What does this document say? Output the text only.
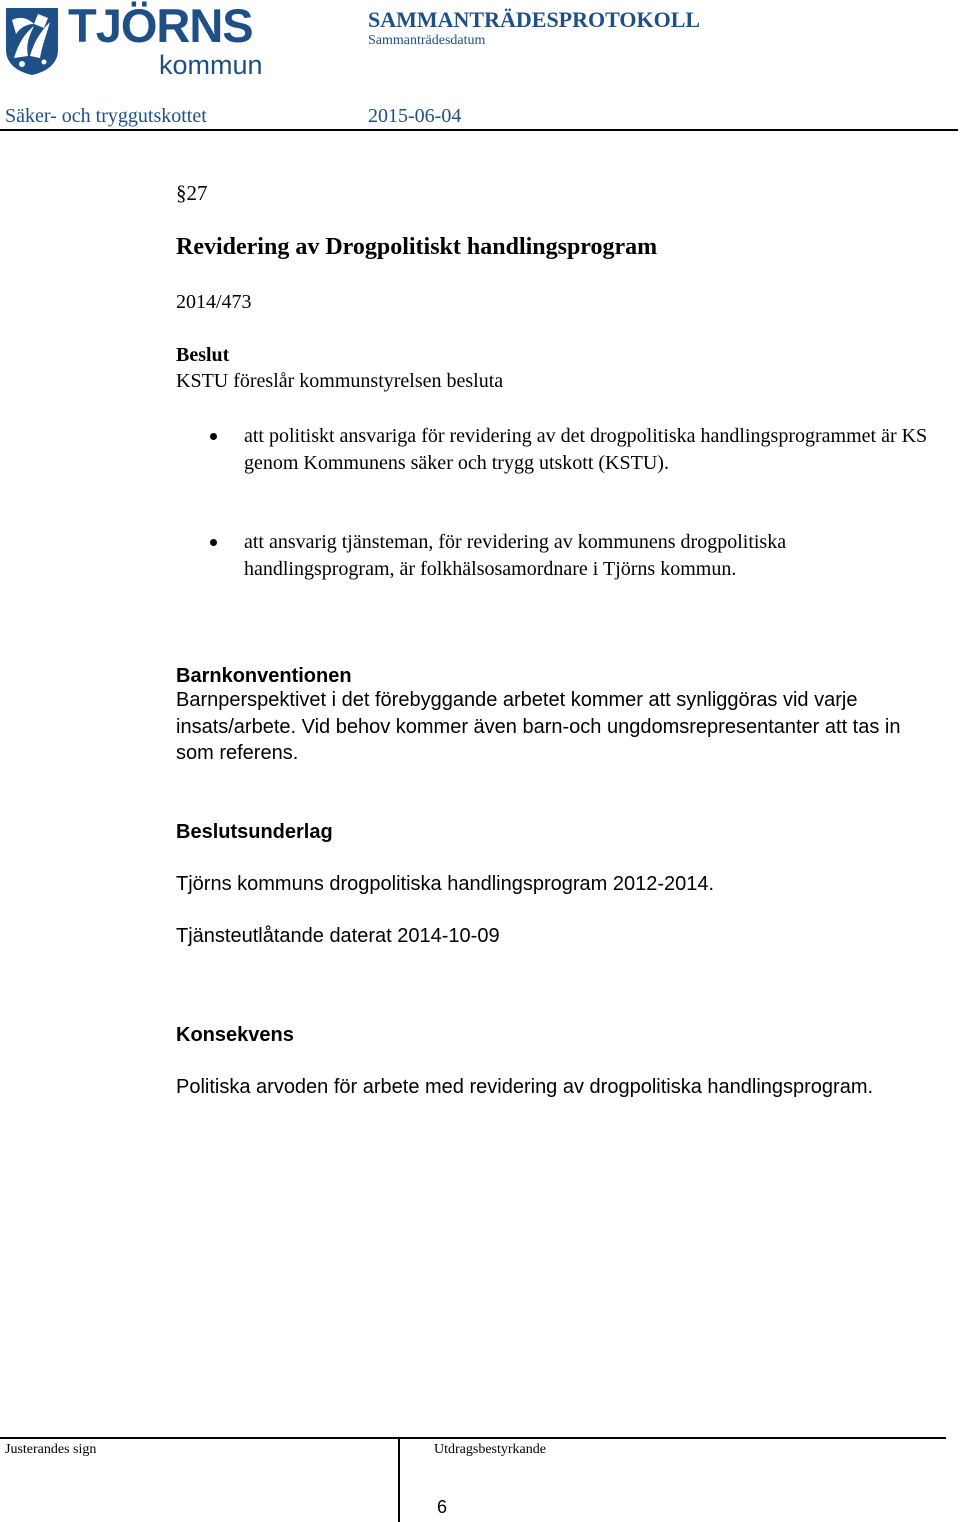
TJÖRNS
kommun
SAMMANTRÄDESPROTOKOLL
Sammanträdesdatum
Säker- och tryggutskottet	2015-06-04
§27
Revidering av Drogpolitiskt handlingsprogram
2014/473
Beslut
KSTU föreslår kommunstyrelsen besluta
att politiskt ansvariga för revidering av det drogpolitiska handlingsprogrammet är KS genom Kommunens säker och trygg utskott (KSTU).
att ansvarig tjänsteman, för revidering av kommunens drogpolitiska handlingsprogram, är folkhälsosamordnare i Tjörns kommun.
Barnkonventionen
Barnperspektivet i det förebyggande arbetet kommer att synliggöras vid varje insats/arbete. Vid behov kommer även barn-och ungdomsrepresentanter att tas in som referens.
Beslutsunderlag
Tjörns kommuns drogpolitiska handlingsprogram 2012-2014.
Tjänsteutlåtande daterat 2014-10-09
Konsekvens
Politiska arvoden för arbete med revidering av drogpolitiska handlingsprogram.
Justerandes sign	Utdragsbestyrkande
6
